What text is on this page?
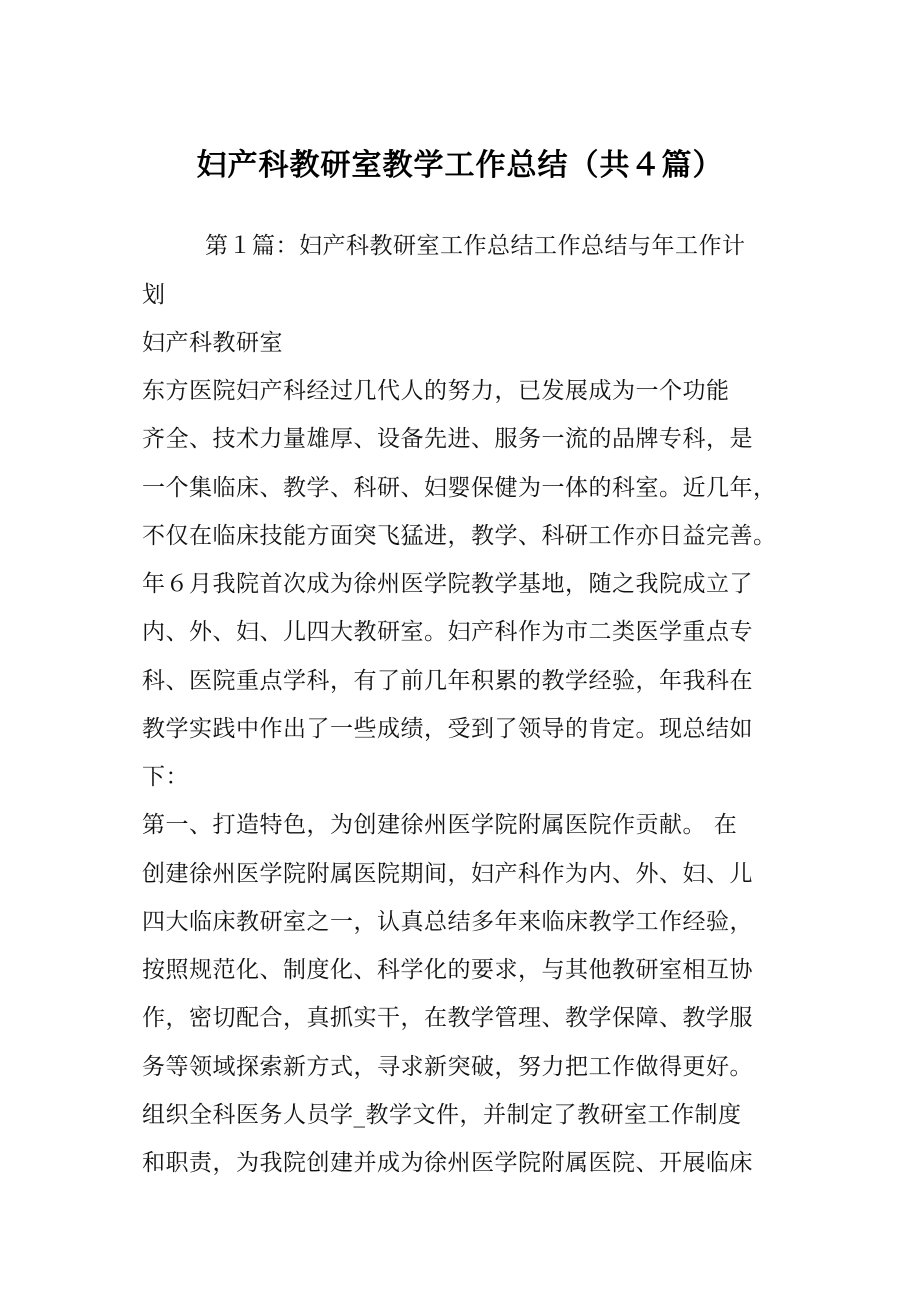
妇产科教研室教学工作总结（共４篇）
第１篇：妇产科教研室工作总结工作总结与年工作计
划
妇产科教研室
东方医院妇产科经过几代人的努力，已发展成为一个功能
齐全、技术力量雄厚、设备先进、服务一流的品牌专科，是
一个集临床、教学、科研、妇婴保健为一体的科室。近几年，
不仅在临床技能方面突飞猛进，教学、科研工作亦日益完善。
年６月我院首次成为徐州医学院教学基地，随之我院成立了
内、外、妇、儿四大教研室。妇产科作为市二类医学重点专
科、医院重点学科，有了前几年积累的教学经验，年我科在
教学实践中作出了一些成绩，受到了领导的肯定。现总结如
下：
第一、打造特色，为创建徐州医学院附属医院作贡献。 在
创建徐州医学院附属医院期间，妇产科作为内、外、妇、儿
四大临床教研室之一，认真总结多年来临床教学工作经验，
按照规范化、制度化、科学化的要求，与其他教研室相互协
作，密切配合，真抓实干，在教学管理、教学保障、教学服
务等领域探索新方式，寻求新突破，努力把工作做得更好。
组织全科医务人员学_教学文件，并制定了教研室工作制度
和职责，为我院创建并成为徐州医学院附属医院、开展临床
